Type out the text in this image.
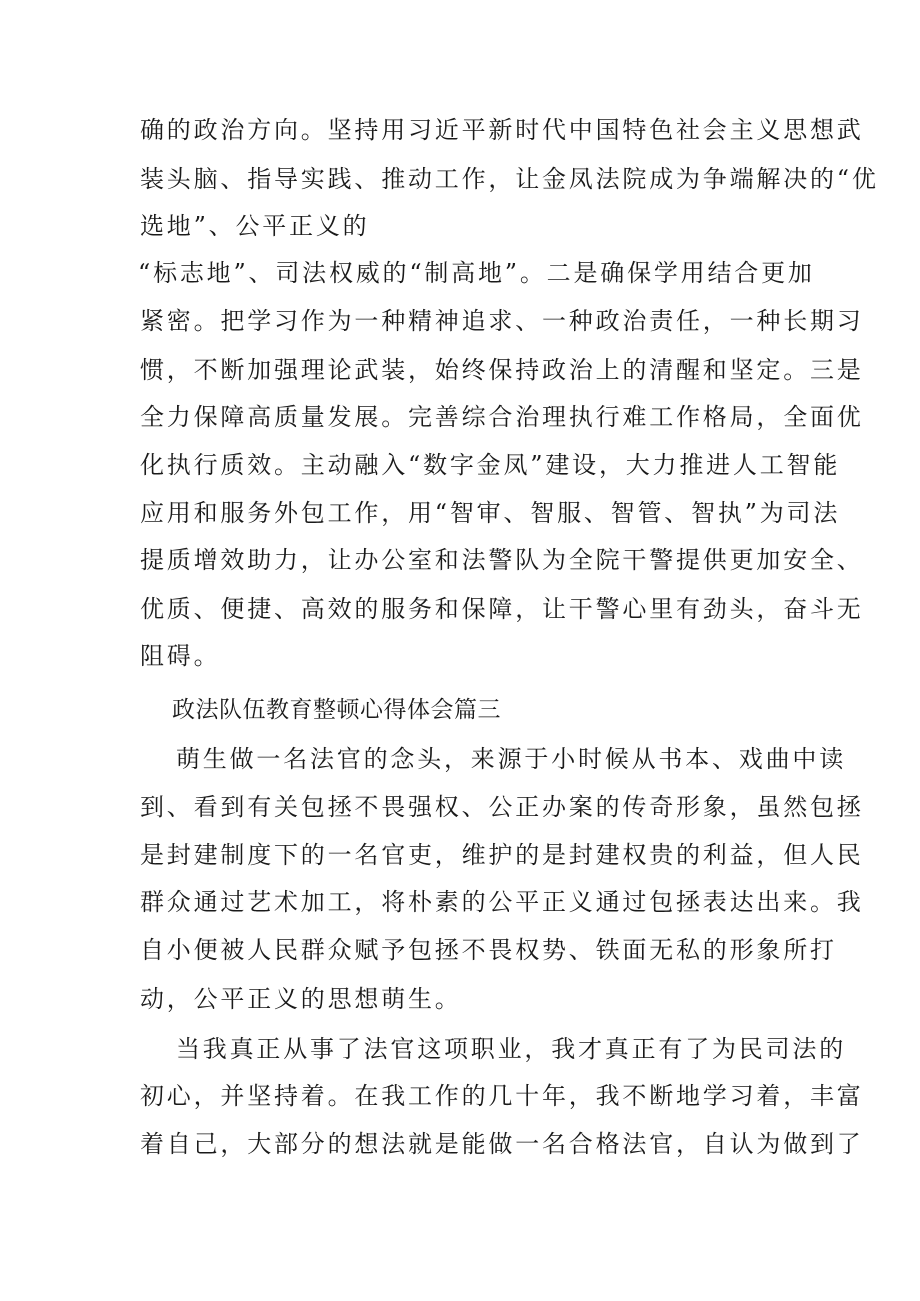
确的政治方向。坚持用习近平新时代中国特色社会主义思想武
装头脑、指导实践、推动工作，让金凤法院成为争端解决的“优
选地”、公平正义的
“标志地”、司法权威的“制高地”。二是确保学用结合更加
紧密。把学习作为一种精神追求、一种政治责任，一种长期习
惯，不断加强理论武装，始终保持政治上的清醒和坚定。三是
全力保障高质量发展。完善综合治理执行难工作格局，全面优
化执行质效。主动融入“数字金凤”建设，大力推进人工智能
应用和服务外包工作，用“智审、智服、智管、智执”为司法
提质增效助力，让办公室和法警队为全院干警提供更加安全、
优质、便捷、高效的服务和保障，让干警心里有劲头，奋斗无
阻碍。
政法队伍教育整顿心得体会篇三
萌生做一名法官的念头，来源于小时候从书本、戏曲中读
到、看到有关包拯不畏强权、公正办案的传奇形象，虽然包拯
是封建制度下的一名官吏，维护的是封建权贵的利益，但人民
群众通过艺术加工，将朴素的公平正义通过包拯表达出来。我
自小便被人民群众赋予包拯不畏权势、铁面无私的形象所打
动，公平正义的思想萌生。
当我真正从事了法官这项职业，我才真正有了为民司法的
初心，并坚持着。在我工作的几十年，我不断地学习着，丰富
着自己，大部分的想法就是能做一名合格法官，自认为做到了
